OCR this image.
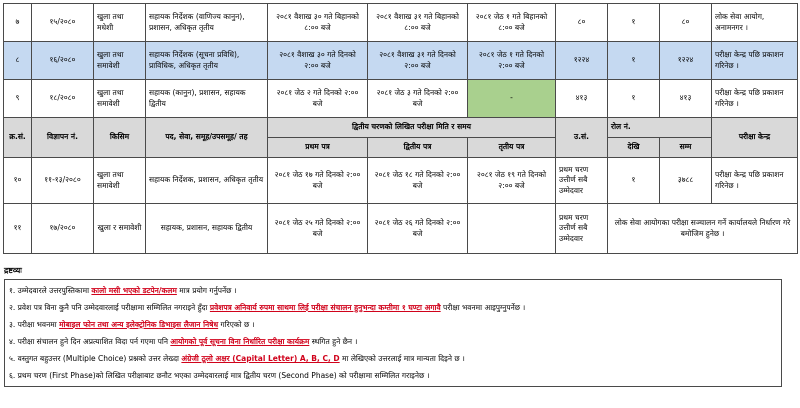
७	१५/२०८०	खुला तथा मधेशी	सहायक निर्देशक (वाणिज्य कानुन), प्रशासन, अधिकृत तृतीय	२०८१ वैशाख ३० गते बिहानको ८:०० बजे	२०८१ वैशाख ३१ गते बिहानको ८:०० बजे	२०८१ जेठ १ गते बिहानको ८:०० बजे	८०	१	८०	लोक सेवा आयोग, अनामनगर ।
८	१६/२०८०	खुला तथा समावेशी	सहायक निर्देशक (सूचना प्रविधि), प्राविधिक, अधिकृत तृतीय	२०८१ वैशाख ३० गते दिनको २:०० बजे	२०८१ वैशाख ३१ गते दिनको २:०० बजे	२०८१ जेठ १ गते दिनको २:०० बजे	१२२४	१	१२२४	परीक्षा केन्द्र पछि प्रकाशन गरिनेछ ।
९	१८/२०८०	खुला तथा समावेशी	सहायक (कानुन), प्रशासन, सहायक द्वितीय	२०८१ जेठ २ गते दिनको २:०० बजे	२०८१ जेठ ३ गते दिनको २:०० बजे	-	४१३	१	४१३	परीक्षा केन्द्र पछि प्रकाशन गरिनेछ ।
क्र.सं.	विज्ञापन नं.	किसिम	पद, सेवा, समूह/उपसमूह/ तह	द्वितीय चरणको लिखित परीक्षा मिति र समय			उ.सं.	रोल नं.		परीक्षा केन्द्र
				प्रथम पत्र	द्वितीय पत्र	तृतीय पत्र		देखि	सम्म	
१०	११-१३/२०८०	खुला तथा समावेशी	सहायक निर्देशक, प्रशासन, अधिकृत तृतीय	२०८१ जेठ १७ गते दिनको २:०० बजे	२०८१ जेठ १८ गते दिनको २:०० बजे	२०८१ जेठ १९ गते दिनको २:०० बजे	प्रथम चरण उत्तीर्ण सबै उम्मेदवार	१	३७८८	परीक्षा केन्द्र पछि प्रकाशन गरिनेछ ।
११	१७/२०८०	खुला र समावेशी	सहायक, प्रशासन, सहायक द्वितीय	२०८१ जेठ २५ गते दिनको २:०० बजे	२०८१ जेठ २६ गते दिनको २:०० बजे		प्रथम चरण उत्तीर्ण सबै उम्मेदवार	लोक सेवा आयोगका परीक्षा सञ्चालन गर्ने कार्यालयले निर्धारण गरे बमोजिम हुनेछ ।		
द्रष्टव्यः
१. उम्मेदवारले उत्तरपुस्तिकामा कालो मसी भएको डटपेन/कलम मात्र प्रयोग गर्नुपर्नेछ ।
२. प्रवेश पत्र विना कुनै पनि उम्मेदवारलाई परीक्षामा सम्मिलित नगराइने हुँदा प्रवेशपत्र अनिवार्य रुपमा साथमा लिई परीक्षा संचालन हुनुभन्दा कम्तीमा १ घण्टा अगावै परीक्षा भवनमा आइपुग्नुपर्नेछ ।
३. परीक्षा भवनमा मोबाइल फोन तथा अन्य इलेक्ट्रोनिक डिभाइस लैजान निषेध गरिएको छ ।
४. परीक्षा संचालन हुने दिन अप्रत्याशित विदा पर्न गएमा पनि आयोगको पूर्व सूचना विना निर्धारित परीक्षा कार्यक्रम स्थगित हुने छैन ।
५. वस्तुगत बहुउत्तर (Multiple Choice) प्रश्नको उत्तर लेख्दा अंग्रेजी ठूलो अक्षर (Capital Letter) A, B, C, D मा लेखिएको उत्तरलाई मात्र मान्यता दिइने छ ।
६. प्रथम चरण (First Phase)को लिखित परीक्षाबाट छनौट भएका उम्मेदवारलाई मात्र द्वितीय चरण (Second Phase) को परीक्षामा सम्मिलित गराइनेछ ।
